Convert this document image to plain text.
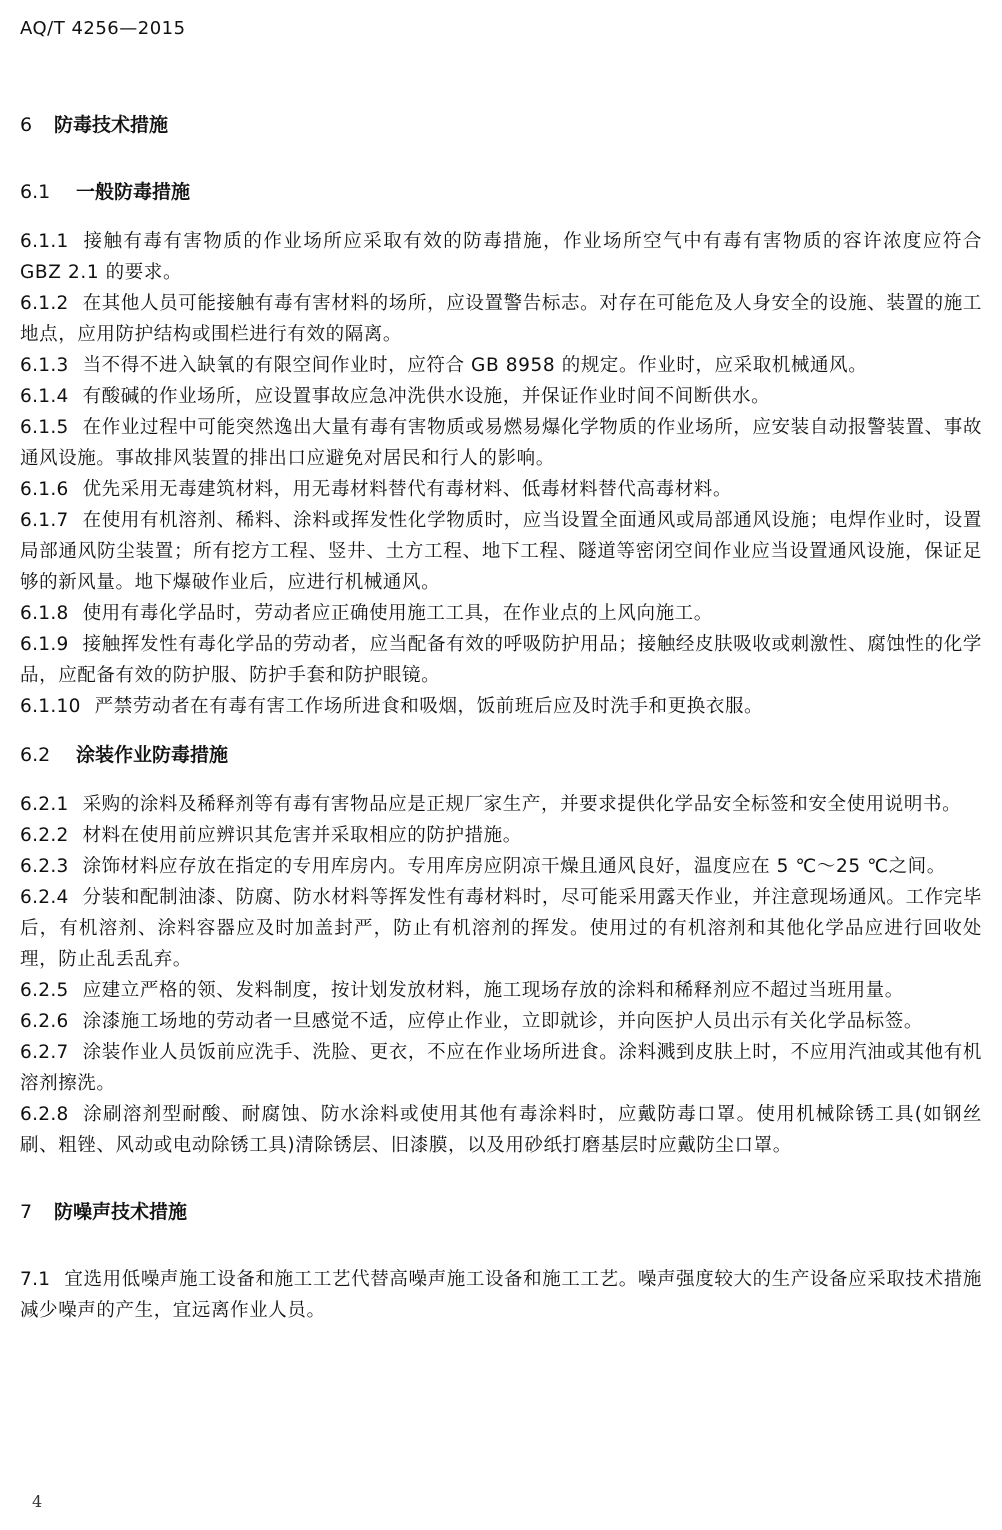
AQ/T 4256—2015
6	防毒技术措施
6.1	一般防毒措施
6.1.1 接触有毒有害物质的作业场所应采取有效的防毒措施，作业场所空气中有毒有害物质的容许浓度应符合 GBZ 2.1 的要求。
6.1.2 在其他人员可能接触有毒有害材料的场所，应设置警告标志。对存在可能危及人身安全的设施、装置的施工地点，应用防护结构或围栏进行有效的隔离。
6.1.3 当不得不进入缺氧的有限空间作业时，应符合 GB 8958 的规定。作业时，应采取机械通风。
6.1.4 有酸碱的作业场所，应设置事故应急冲洗供水设施，并保证作业时间不间断供水。
6.1.5 在作业过程中可能突然逸出大量有毒有害物质或易燃易爆化学物质的作业场所，应安装自动报警装置、事故通风设施。事故排风装置的排出口应避免对居民和行人的影响。
6.1.6 优先采用无毒建筑材料，用无毒材料替代有毒材料、低毒材料替代高毒材料。
6.1.7 在使用有机溶剂、稀料、涂料或挥发性化学物质时，应当设置全面通风或局部通风设施；电焊作业时，设置局部通风防尘装置；所有挖方工程、竖井、土方工程、地下工程、隧道等密闭空间作业应当设置通风设施，保证足够的新风量。地下爆破作业后，应进行机械通风。
6.1.8 使用有毒化学品时，劳动者应正确使用施工工具，在作业点的上风向施工。
6.1.9 接触挥发性有毒化学品的劳动者，应当配备有效的呼吸防护用品；接触经皮肤吸收或刺激性、腐蚀性的化学品，应配备有效的防护服、防护手套和防护眼镜。
6.1.10 严禁劳动者在有毒有害工作场所进食和吸烟，饭前班后应及时洗手和更换衣服。
6.2	涂装作业防毒措施
6.2.1 采购的涂料及稀释剂等有毒有害物品应是正规厂家生产，并要求提供化学品安全标签和安全使用说明书。
6.2.2 材料在使用前应辨识其危害并采取相应的防护措施。
6.2.3 涂饰材料应存放在指定的专用库房内。专用库房应阴凉干燥且通风良好，温度应在 5 ℃～25 ℃之间。
6.2.4 分装和配制油漆、防腐、防水材料等挥发性有毒材料时，尽可能采用露天作业，并注意现场通风。工作完毕后，有机溶剂、涂料容器应及时加盖封严，防止有机溶剂的挥发。使用过的有机溶剂和其他化学品应进行回收处理，防止乱丢乱弃。
6.2.5 应建立严格的领、发料制度，按计划发放材料，施工现场存放的涂料和稀释剂应不超过当班用量。
6.2.6 涂漆施工场地的劳动者一旦感觉不适，应停止作业，立即就诊，并向医护人员出示有关化学品标签。
6.2.7 涂装作业人员饭前应洗手、洗脸、更衣，不应在作业场所进食。涂料溅到皮肤上时，不应用汽油或其他有机溶剂擦洗。
6.2.8 涂刷溶剂型耐酸、耐腐蚀、防水涂料或使用其他有毒涂料时，应戴防毒口罩。使用机械除锈工具(如钢丝刷、粗锉、风动或电动除锈工具)清除锈层、旧漆膜，以及用砂纸打磨基层时应戴防尘口罩。
7	防噪声技术措施
7.1 宜选用低噪声施工设备和施工工艺代替高噪声施工设备和施工工艺。噪声强度较大的生产设备应采取技术措施减少噪声的产生，宜远离作业人员。
4
